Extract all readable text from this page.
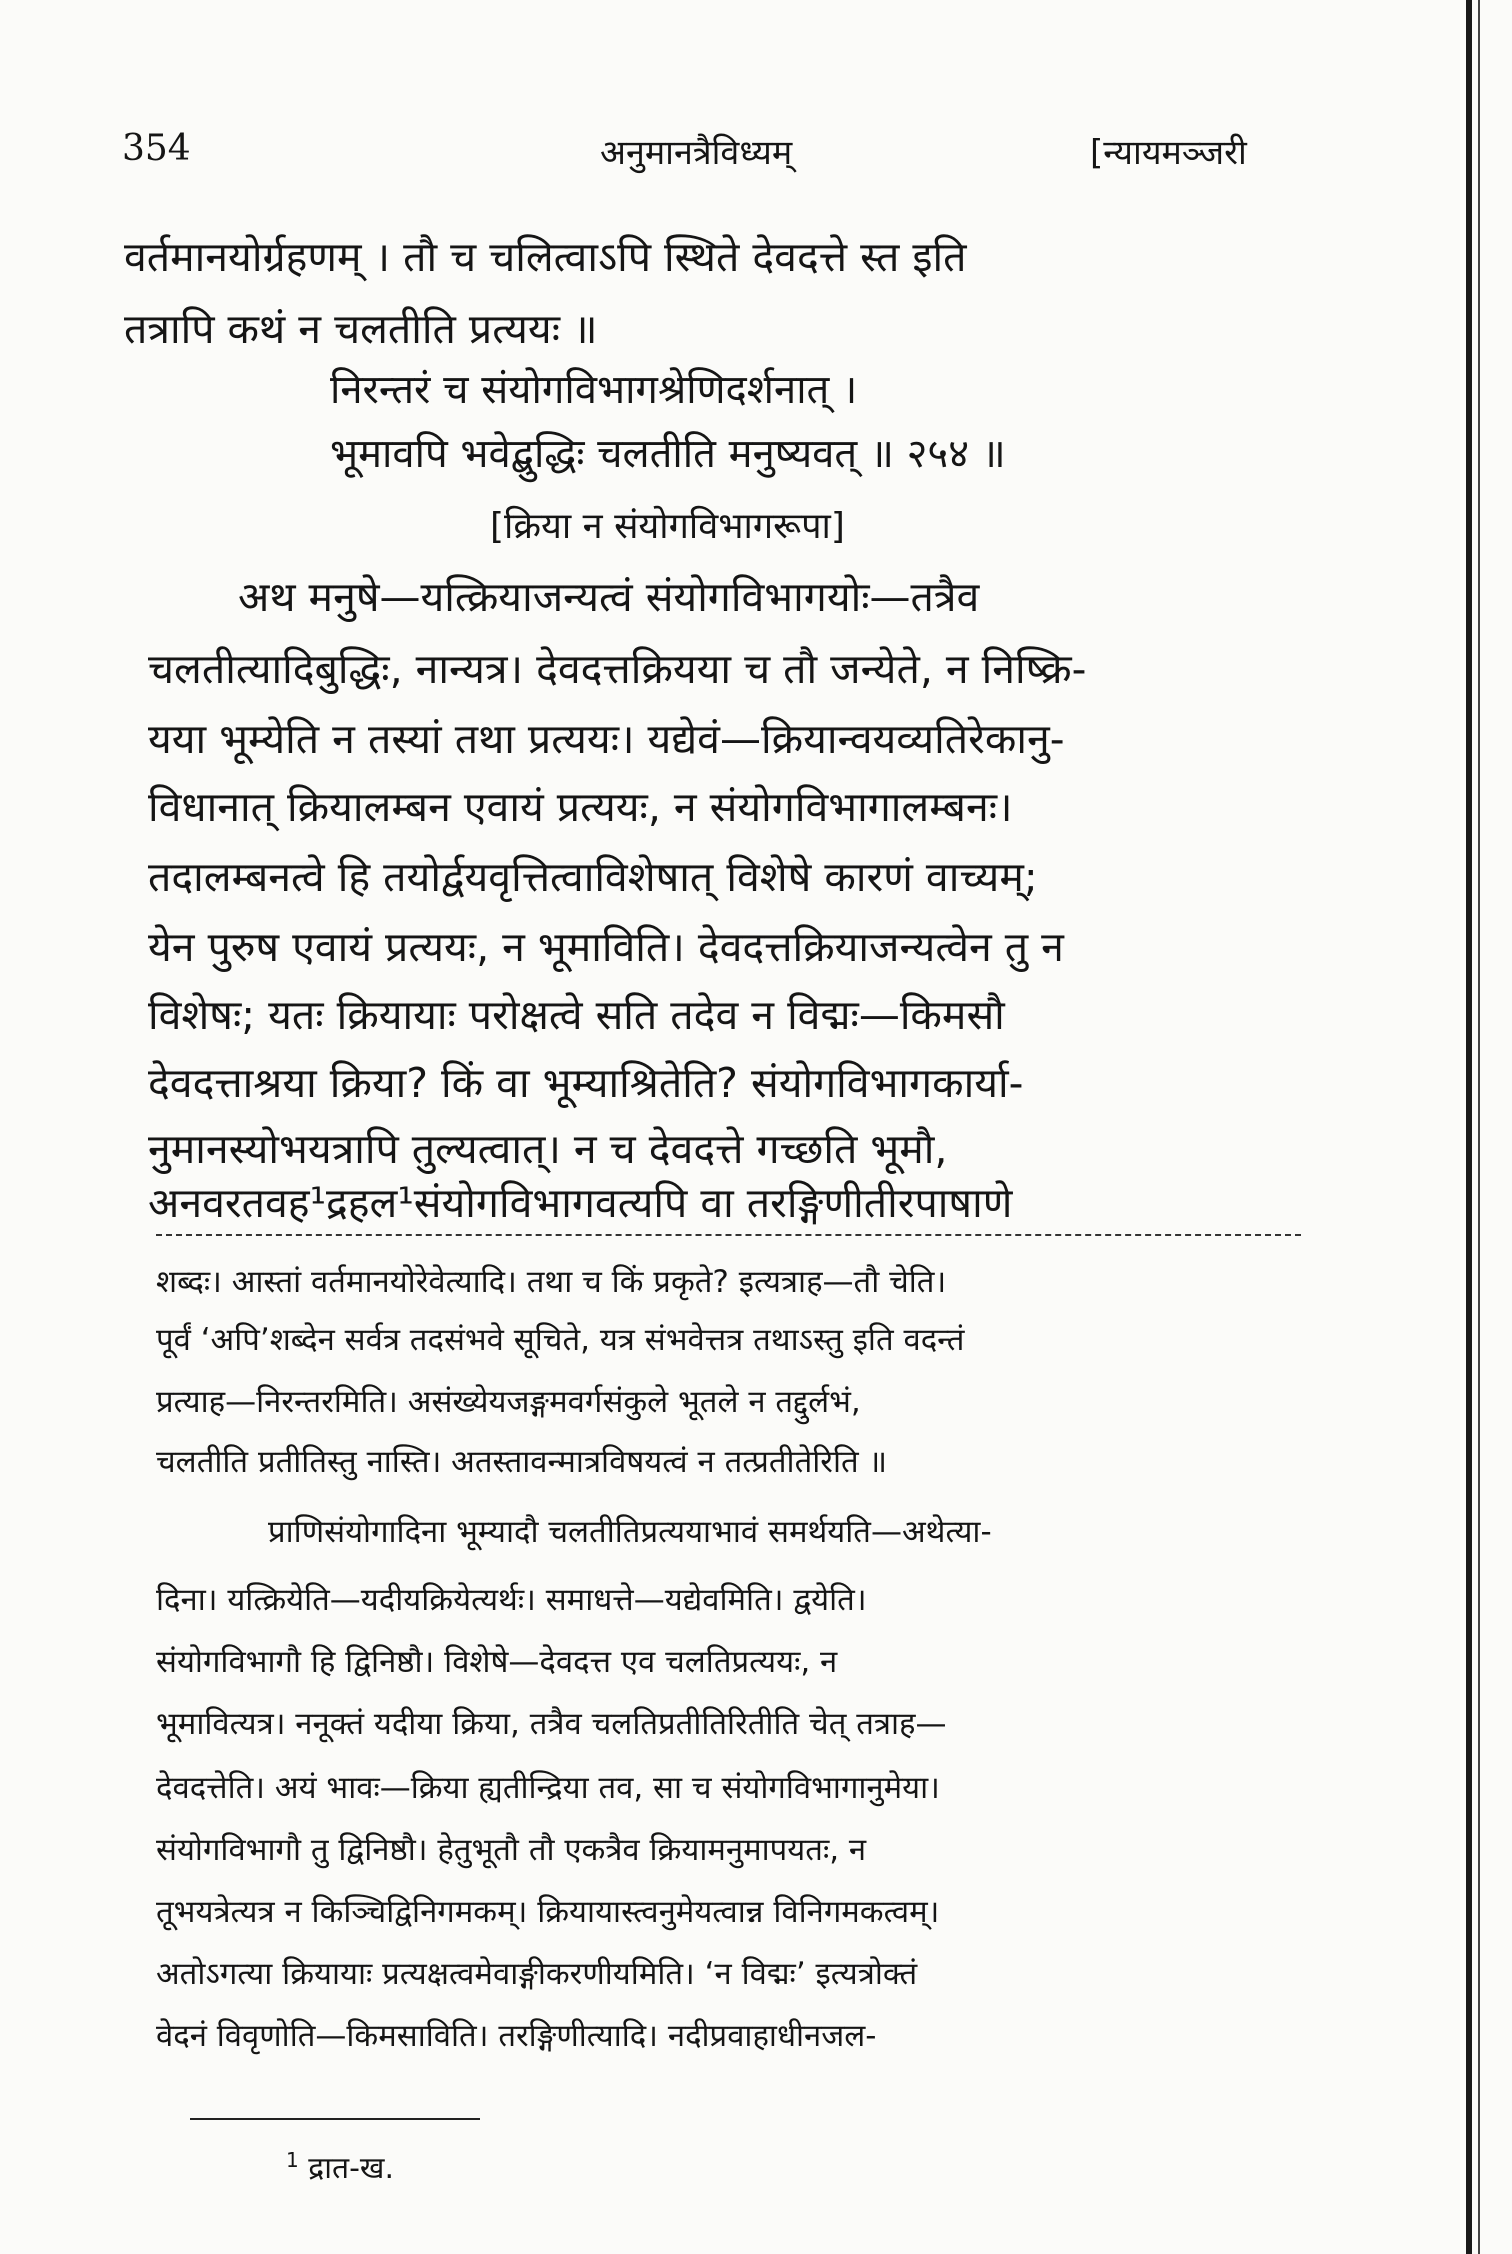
354	अनुमानत्रैविध्यम्	[न्यायमञ्जरी
वर्तमानयोर्ग्रहणम् । तौ च चलित्वाऽपि स्थिते देवदत्ते स्त इति
तत्रापि कथं न चलतीति प्रत्ययः ॥
निरन्तरं च संयोगविभागश्रेणिदर्शनात् ।
भूमावपि भवेद्बुद्धिः चलतीति मनुष्यवत् ॥ २५४ ॥
[क्रिया न संयोगविभागरूपा]
अथ मनुषे—यत्क्रियाजन्यत्वं संयोगविभागयोः—तत्रैव
चलतीत्यादिबुद्धिः, नान्यत्र। देवदत्तक्रियया च तौ जन्येते, न निष्क्रि-
यया भूम्येति न तस्यां तथा प्रत्ययः। यद्येवं—क्रियान्वयव्यतिरेकानु-
विधानात् क्रियालम्बन एवायं प्रत्ययः, न संयोगविभागालम्बनः।
तदालम्बनत्वे हि तयोर्द्वयवृत्तित्वाविशेषात् विशेषे कारणं वाच्यम्;
येन पुरुष एवायं प्रत्ययः, न भूमाविति। देवदत्तक्रियाजन्यत्वेन तु न
विशेषः; यतः क्रियायाः परोक्षत्वे सति तदेव न विद्मः—किमसौ
देवदत्ताश्रया क्रिया? किं वा भूम्याश्रितेति? संयोगविभागकार्या-
नुमानस्योभयत्रापि तुल्यत्वात्। न च देवदत्ते गच्छति भूमौ,
अनवरतवह¹द्रहल¹संयोगविभागवत्यपि वा तरङ्गिणीतीरपाषाणे
शब्दः। आस्तां वर्तमानयोरेवेत्यादि। तथा च किं प्रकृते? इत्यत्राह—तौ चेति।
पूर्वं ‘अपि’शब्देन सर्वत्र तदसंभवे सूचिते, यत्र संभवेत्तत्र तथाऽस्तु इति वदन्तं
प्रत्याह—निरन्तरमिति। असंख्येयजङ्गमवर्गसंकुले भूतले न तद्दुर्लभं,
चलतीति प्रतीतिस्तु नास्ति। अतस्तावन्मात्रविषयत्वं न तत्प्रतीतेरिति ॥
प्राणिसंयोगादिना भूम्यादौ चलतीतिप्रत्ययाभावं समर्थयति—अथेत्या-
दिना। यत्क्रियेति—यदीयक्रियेत्यर्थः। समाधत्ते—यद्येवमिति। द्वयेति।
संयोगविभागौ हि द्विनिष्ठौ। विशेषे—देवदत्त एव चलतिप्रत्ययः, न
भूमावित्यत्र। ननूक्तं यदीया क्रिया, तत्रैव चलतिप्रतीतिरितीति चेत् तत्राह—
देवदत्तेति। अयं भावः—क्रिया ह्यतीन्द्रिया तव, सा च संयोगविभागानुमेया।
संयोगविभागौ तु द्विनिष्ठौ। हेतुभूतौ तौ एकत्रैव क्रियामनुमापयतः, न
तूभयत्रेत्यत्र न किञ्चिद्विनिगमकम्। क्रियायास्त्वनुमेयत्वान्न विनिगमकत्वम्।
अतोऽगत्या क्रियायाः प्रत्यक्षत्वमेवाङ्गीकरणीयमिति। ‘न विद्मः’ इत्यत्रोक्तं
वेदनं विवृणोति—किमसाविति। तरङ्गिणीत्यादि। नदीप्रवाहाधीनजल-
$^1$ द्रात-ख.
